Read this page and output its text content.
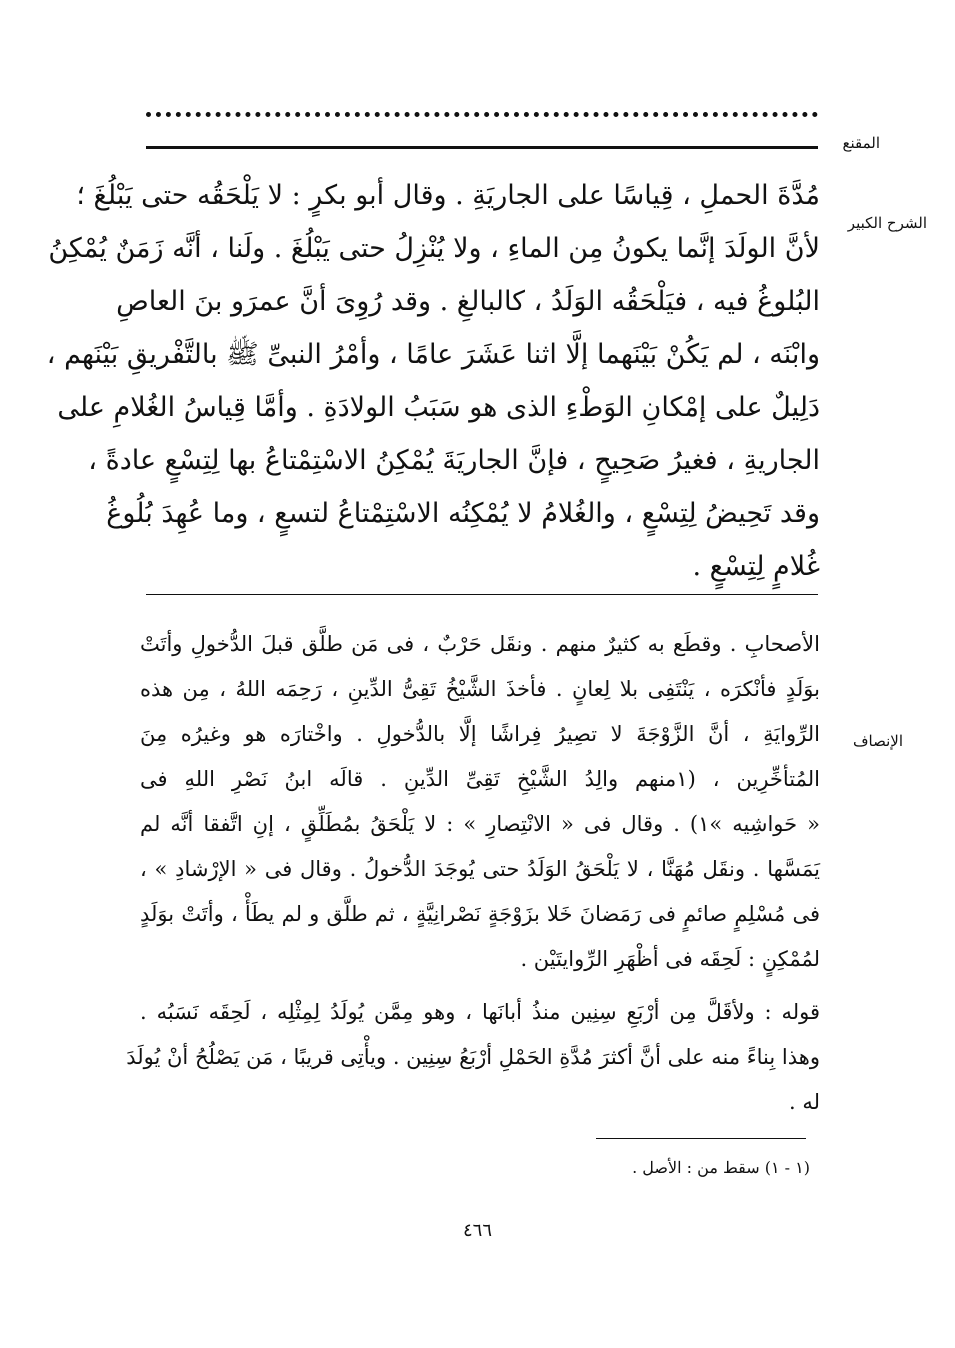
المقنع
الشرح الكبير
الإنصاف
مُدَّةَ الحملِ ، قِياسًا على الجاريَةِ . وقال أبو بكرٍ : لا يَلْحَقُه حتى يَبْلُغَ ؛
لأنَّ الولَدَ إنَّما يكونُ مِن الماءِ ، ولا يُنْزِلُ حتى يَبْلُغَ . ولَنا ، أنَّه زَمَنٌ يُمْكِنُ
البُلوغُ فيه ، فيَلْحَقُه الوَلَدُ ، كالبالغِ . وقد رُوِىَ أنَّ عمرَو بنَ العاصِ
وابْنَه ، لم يَكُنْ بَيْنَهما إلَّا اثنا عَشَرَ عامًا ، وأمْرُ النبىِّ ﷺ بالتَّفْريقِ بَيْنَهم ،
دَلِيلٌ على إمْكانِ الوَطْءِ الذى هو سَبَبُ الولادَةِ . وأمَّا قِياسُ الغُلامِ على
الجاريةِ ، فغيرُ صَحِيحٍ ، فإنَّ الجاريَةَ يُمْكِنُ الاسْتِمْتاعُ بها لِتِسْعٍ عادةً ،
وقد تَحِيضُ لِتِسْعٍ ، والغُلامُ لا يُمْكِنُه الاسْتِمْتاعُ لتسعٍ ، وما عُهِدَ بُلُوغُ
غُلامٍ لِتِسْعٍ .
الأصحابِ . وقطَع به كثيرٌ منهم . ونقَل حَرْبٌ ، فى مَن طلَّق قبلَ الدُّخولِ وأتَتْ
بوَلَدٍ فأنْكرَه ، يَنْتَفِى بلا لِعانٍ . فأخذَ الشَّيْخُ تَقِىُّ الدِّينِ ، رَحِمَه اللهُ ، مِن هذه
الرِّوايَةِ ، أنَّ الزَّوْجَةَ لا تصِيرُ فِراشًا إلَّا بالدُّخولِ . واخْتارَه هو وغيرُه مِنَ
المُتأخِّرِين ، (١منهم والِدُ الشَّيْخِ تَقِىِّ الدِّينِ . قالَه ابنُ نَصْرِ اللهِ فى
« حَواشِيه »١) . وقال فى « الانْتِصارِ » : لا يَلْحَقُ بمُطَلِّقٍ ، إنِ اتَّفقا أنَّه لم
يَمَسَّها . ونقَل مُهَنَّا ، لا يَلْحَقُ الوَلَدُ حتى يُوجَدَ الدُّخولُ . وقال فى « الإرْشادِ » ،
فى مُسْلِمٍ صائمٍ فى رَمَضانَ خَلا بزَوْجَةٍ نَصْرانِيَّةٍ ، ثم طلَّق و لم يطَأْ ، وأتَتْ بوَلَدٍ
لمُمْكِنٍ : لَحِقَه فى أظْهَرِ الرِّوايتَيْن .
قوله : ولأقَلَّ مِن أرْبَعِ سِنِين منذُ أبانَها ، وهو مِمَّن يُولَدُ لِمِثْلِه ، لَحِقَه نَسَبُه .
وهذا بِناءً منه على أنَّ أكثرَ مُدَّةِ الحَمْلِ أرْبَعُ سِنِين . ويأْتِى قريبًا ، مَن يَصْلُحُ أنْ يُولَدَ
له .
(١ - ١) سقط من : الأصل .
٤٦٦
